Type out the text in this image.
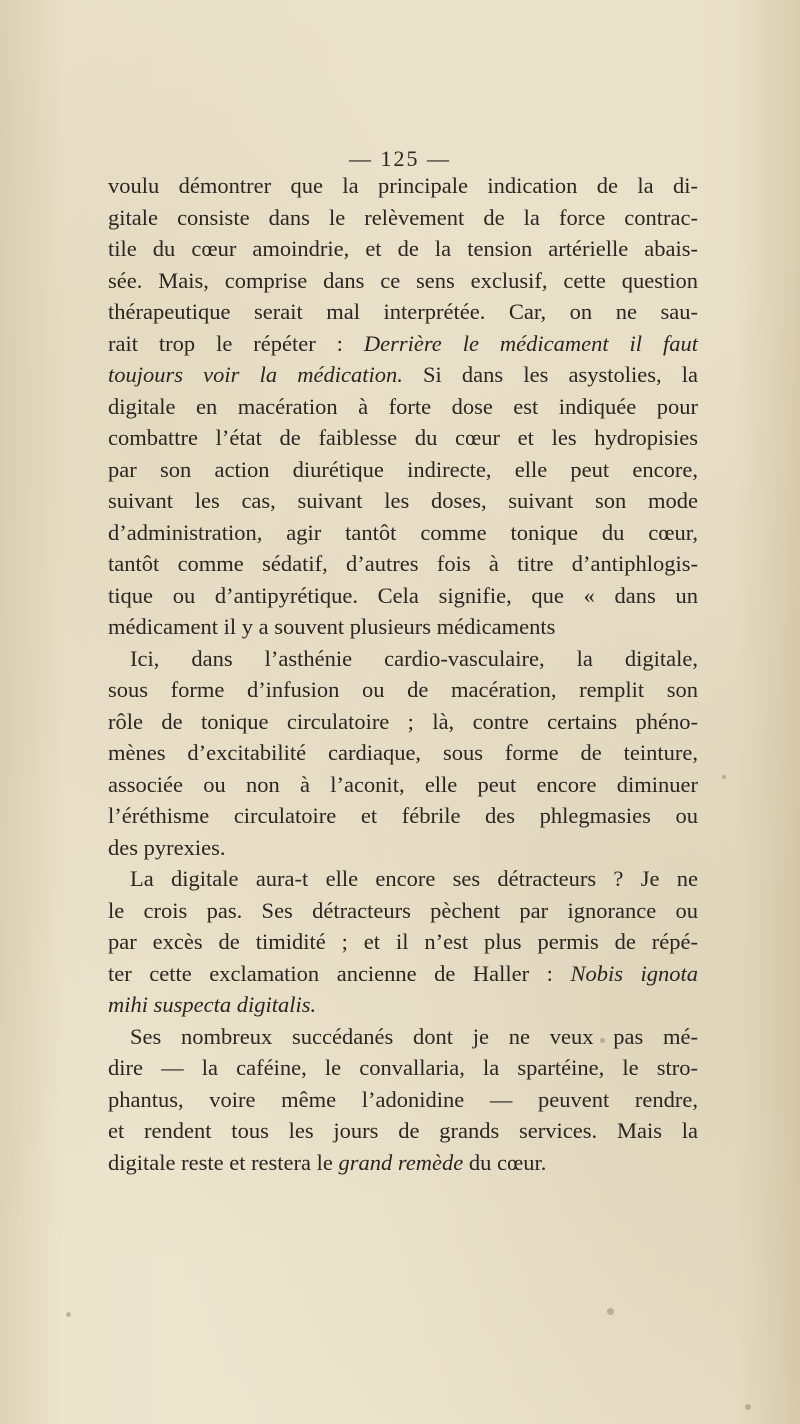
— 125 —
voulu démontrer que la principale indication de la di-
gitale consiste dans le relèvement de la force contrac-
tile du cœur amoindrie, et de la tension artérielle abais-
sée. Mais, comprise dans ce sens exclusif, cette question
thérapeutique serait mal interprétée. Car, on ne sau-
rait trop le répéter : Derrière le médicament il faut
toujours voir la médication. Si dans les asystolies, la
digitale en macération à forte dose est indiquée pour
combattre l’état de faiblesse du cœur et les hydropisies
par son action diurétique indirecte, elle peut encore,
suivant les cas, suivant les doses, suivant son mode
d’administration, agir tantôt comme tonique du cœur,
tantôt comme sédatif, d’autres fois à titre d’antiphlogis-
tique ou d’antipyrétique. Cela signifie, que « dans un
médicament il y a souvent plusieurs médicaments
Ici, dans l’asthénie cardio-vasculaire, la digitale,
sous forme d’infusion ou de macération, remplit son
rôle de tonique circulatoire ; là, contre certains phéno-
mènes d’excitabilité cardiaque, sous forme de teinture,
associée ou non à l’aconit, elle peut encore diminuer
l’éréthisme circulatoire et fébrile des phlegmasies ou
des pyrexies.
La digitale aura-t elle encore ses détracteurs ? Je ne
le crois pas. Ses détracteurs pèchent par ignorance ou
par excès de timidité ; et il n’est plus permis de répé-
ter cette exclamation ancienne de Haller : Nobis ignota
mihi suspecta digitalis.
Ses nombreux succédanés dont je ne veux pas mé-
dire — la caféine, le convallaria, la spartéine, le stro-
phantus, voire même l’adonidine — peuvent rendre,
et rendent tous les jours de grands services. Mais la
digitale reste et restera le grand remède du cœur.
